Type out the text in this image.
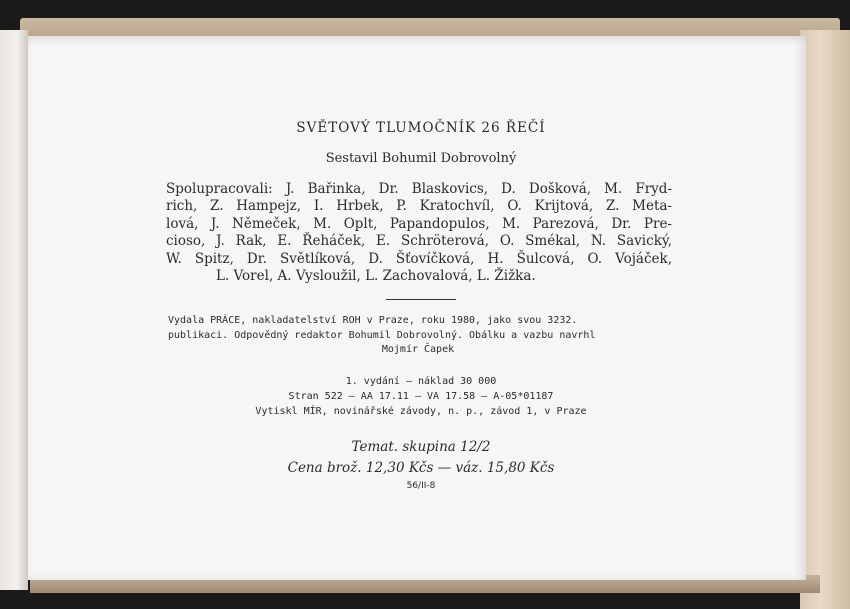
SVĚTOVÝ TLUMOČNÍK 26 ŘEČÍ
Sestavil Bohumil Dobrovolný
Spolupracovali: J. Bařinka, Dr. Blaskovics, D. Došková, M. Fryd-
rich, Z. Hampejz, I. Hrbek, P. Kratochvíl, O. Krijtová, Z. Meta-
lová, J. Němeček, M. Oplt, Papandopulos, M. Parezová, Dr. Pre-
cioso, J. Rak, E. Řeháček, E. Schröterová, O. Smékal, N. Savický,
W. Spitz, Dr. Světlíková, D. Šťovíčková, H. Šulcová, O. Vojáček,
L. Vorel, A. Vysloužil, L. Zachovalová, L. Žižka.
Vydala PRÁCE, nakladatelství ROH v Praze, roku 1980, jako svou 3232.
publikaci. Odpovědný redaktor Bohumil Dobrovolný. Obálku a vazbu navrhl
Mojmír Čapek
1. vydání — náklad 30 000
Stran 522 — AA 17.11 — VA 17.58 — A-05*01187
Vytiskl MÍR, novinářské závody, n. p., závod 1, v Praze
Temat. skupina 12/2
Cena brož. 12,30 Kčs — váz. 15,80 Kčs
56/II-8
